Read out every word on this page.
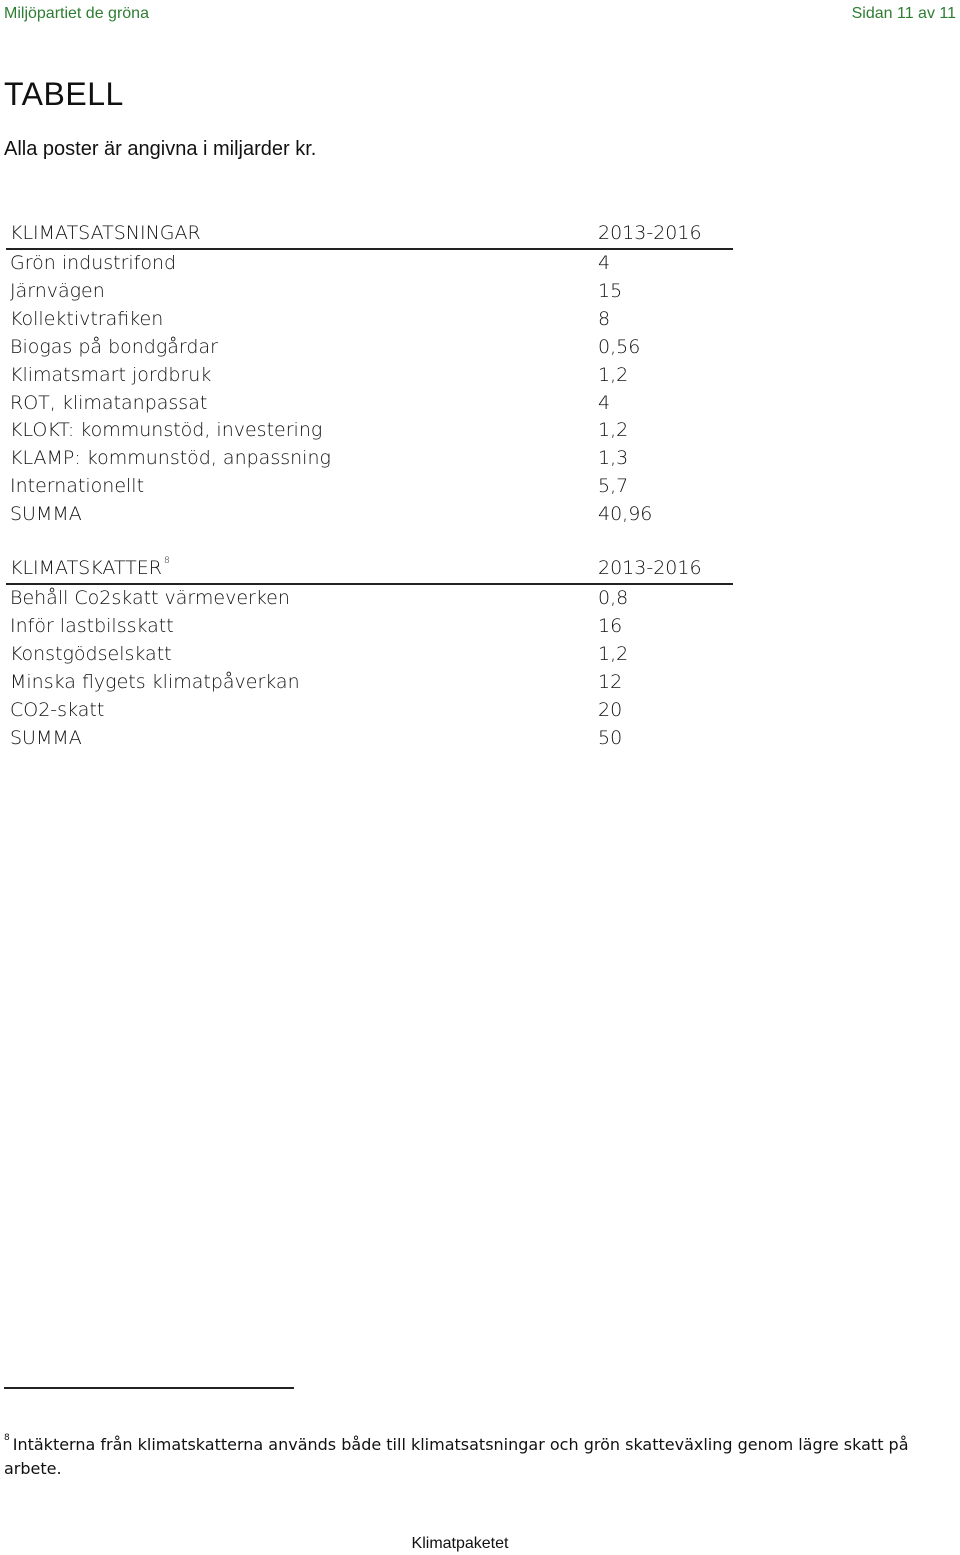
Miljöpartiet de gröna	Sidan 11 av 11
TABELL

Alla poster är angivna i miljarder kr.

KLIMATSATSNINGAR	2013-2016
Grön industrifond	4
Järnvägen	15
Kollektivtrafiken	8
Biogas på bondgårdar	0,56
Klimatsmart jordbruk	1,2
ROT, klimatanpassat	4
KLOKT: kommunstöd, investering	1,2
KLAMP: kommunstöd, anpassning	1,3
Internationellt	5,7
SUMMA	40,96
KLIMATSKATTER $^8$	2013-2016
Behåll Co2skatt värmeverken	0,8
Inför lastbilsskatt	16
Konstgödselskatt	1,2
Minska flygets klimatpåverkan	12
CO2-skatt	20
SUMMA	50

$^8$ Intäkterna från klimatskatterna används både till klimatsatsningar och grön skatteväxling genom lägre skatt på arbete.

Klimatpaketet
